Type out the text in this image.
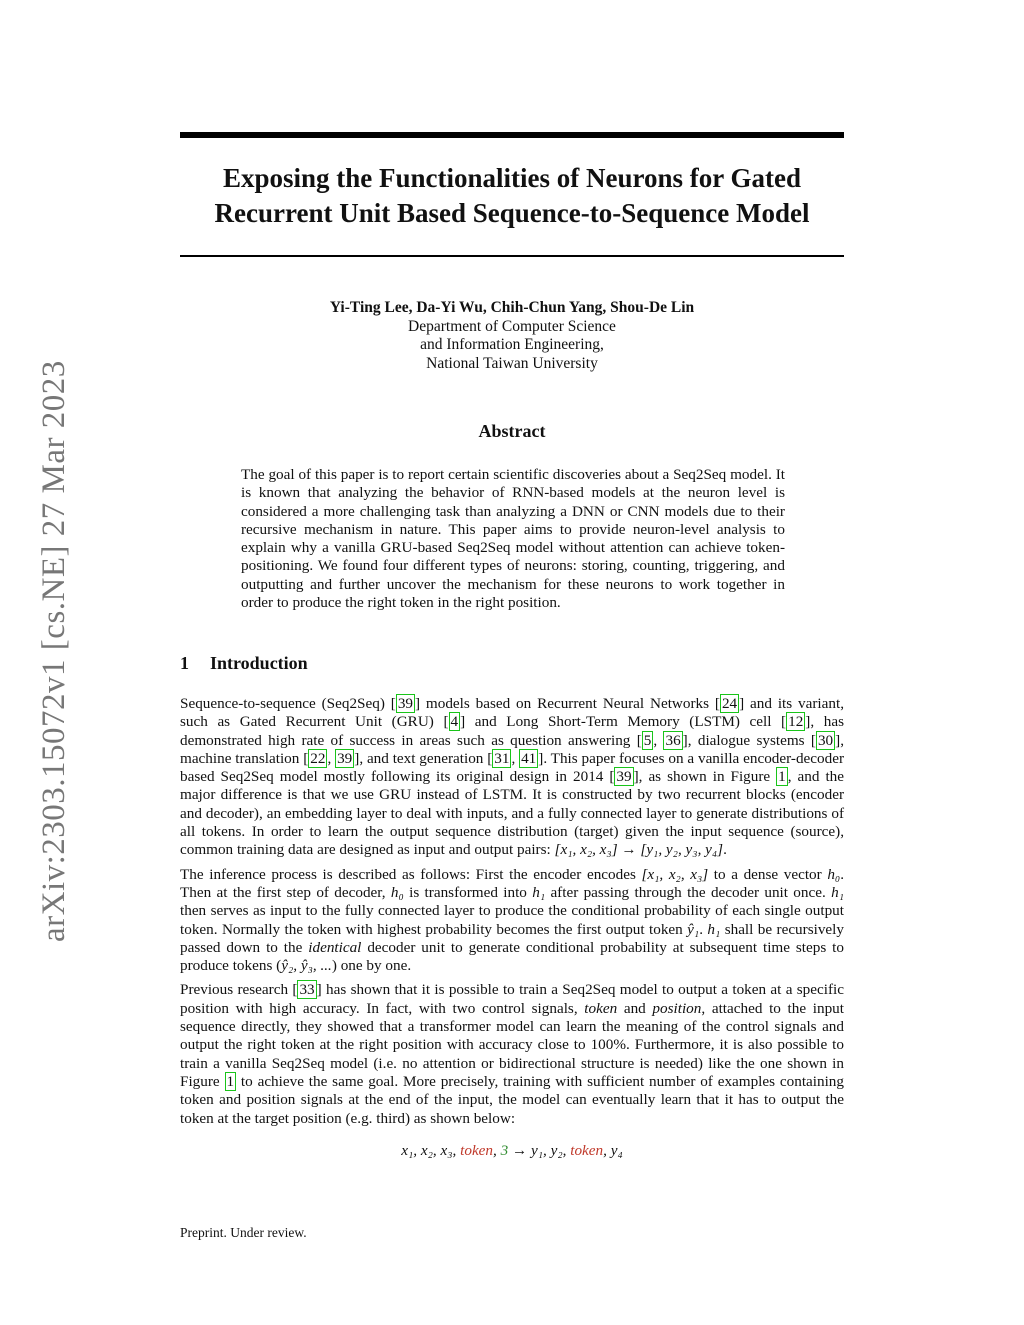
arXiv:2303.15072v1 [cs.NE] 27 Mar 2023
Exposing the Functionalities of Neurons for Gated
Recurrent Unit Based Sequence-to-Sequence Model
Yi-Ting Lee, Da-Yi Wu, Chih-Chun Yang, Shou-De Lin
Department of Computer Science
and Information Engineering,
National Taiwan University
Abstract

The goal of this paper is to report certain scientific discoveries about a Seq2Seq model. It is known that analyzing the behavior of RNN-based models at the neuron level is considered a more challenging task than analyzing a DNN or CNN models due to their recursive mechanism in nature. This paper aims to provide neuron-level analysis to explain why a vanilla GRU-based Seq2Seq model without attention can achieve token-positioning. We found four different types of neurons: storing, counting, triggering, and outputting and further uncover the mechanism for these neurons to work together in order to produce the right token in the right position.

1 Introduction

Sequence-to-sequence (Seq2Seq) [ 39 ] models based on Recurrent Neural Networks [ 24 ] and its variant, such as Gated Recurrent Unit (GRU) [ 4 ] and Long Short-Term Memory (LSTM) cell [ 12 ], has demonstrated high rate of success in areas such as question answering [ 5 , 36 ], dialogue systems [ 30 ], machine translation [ 22 , 39 ], and text generation [ 31 , 41 ]. This paper focuses on a vanilla encoder-decoder based Seq2Seq model mostly following its original design in 2014 [ 39 ], as shown in Figure 1 , and the major difference is that we use GRU instead of LSTM. It is constructed by two recurrent blocks (encoder and decoder), an embedding layer to deal with inputs, and a fully connected layer to generate distributions of all tokens. In order to learn the output sequence distribution (target) given the input sequence (source), common training data are designed as input and output pairs: [x₁, x₂, x₃] → [y₁, y₂, y₃, y₄].

The inference process is described as follows: First the encoder encodes [x₁, x₂, x₃] to a dense vector h₀. Then at the first step of decoder, h₀ is transformed into h₁ after passing through the decoder unit once. h₁ then serves as input to the fully connected layer to produce the conditional probability of each single output token. Normally the token with highest probability becomes the first output token ŷ₁. h₁ shall be recursively passed down to the identical decoder unit to generate conditional probability at subsequent time steps to produce tokens (ŷ₂, ŷ₃, ...) one by one.

Previous research [ 33 ] has shown that it is possible to train a Seq2Seq model to output a token at a specific position with high accuracy. In fact, with two control signals, token and position, attached to the input sequence directly, they showed that a transformer model can learn the meaning of the control signals and output the right token at the right position with accuracy close to 100%. Furthermore, it is also possible to train a vanilla Seq2Seq model (i.e. no attention or bidirectional structure is needed) like the one shown in Figure 1 to achieve the same goal. More precisely, training with sufficient number of examples containing token and position signals at the end of the input, the model can eventually learn that it has to output the token at the target position (e.g. third) as shown below:

x₁, x₂, x₃, token, 3 → y₁, y₂, token, y₄
Preprint. Under review.
